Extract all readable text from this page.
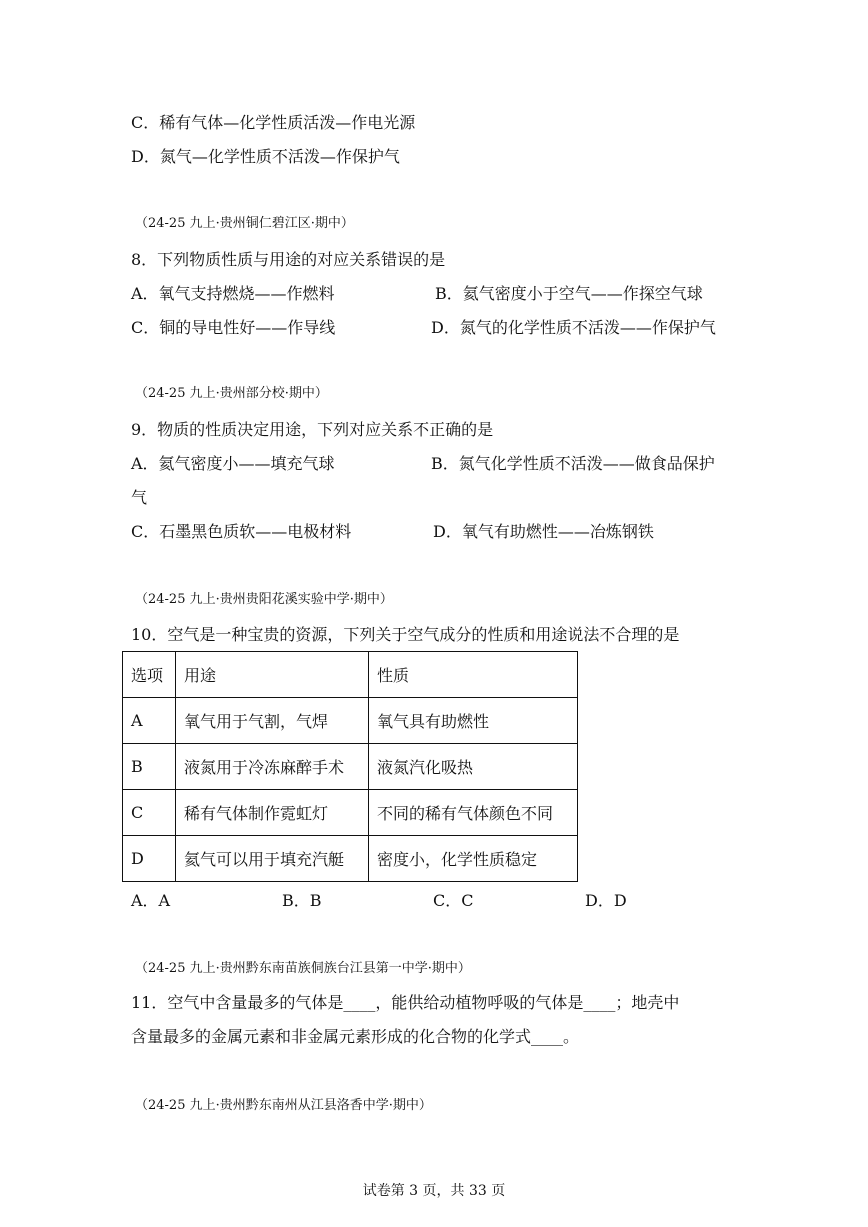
C．稀有气体—化学性质活泼—作电光源
D．氮气—化学性质不活泼—作保护气
（24-25 九上·贵州铜仁碧江区·期中）
8．下列物质性质与用途的对应关系错误的是
A．氧气支持燃烧——作燃料	B．氦气密度小于空气——作探空气球
C．铜的导电性好——作导线	D．氮气的化学性质不活泼——作保护气
（24-25 九上·贵州部分校·期中）
9．物质的性质决定用途，下列对应关系不正确的是
A．氦气密度小——填充气球	B．氮气化学性质不活泼——做食品保护
气
C．石墨黑色质软——电极材料	D．氧气有助燃性——冶炼钢铁
（24-25 九上·贵州贵阳花溪实验中学·期中）
10．空气是一种宝贵的资源，下列关于空气成分的性质和用途说法不合理的是
选项	用途	性质
A	氧气用于气割，气焊	氧气具有助燃性
B	液氮用于冷冻麻醉手术	液氮汽化吸热
C	稀有气体制作霓虹灯	不同的稀有气体颜色不同
D	氦气可以用于填充汽艇	密度小，化学性质稳定
A．A	B．B	C．C	D．D
（24-25 九上·贵州黔东南苗族侗族台江县第一中学·期中）
11．空气中含量最多的气体是____，能供给动植物呼吸的气体是____；地壳中
含量最多的金属元素和非金属元素形成的化合物的化学式____。
（24-25 九上·贵州黔东南州从江县洛香中学·期中）
试卷第 3 页，共 33 页
